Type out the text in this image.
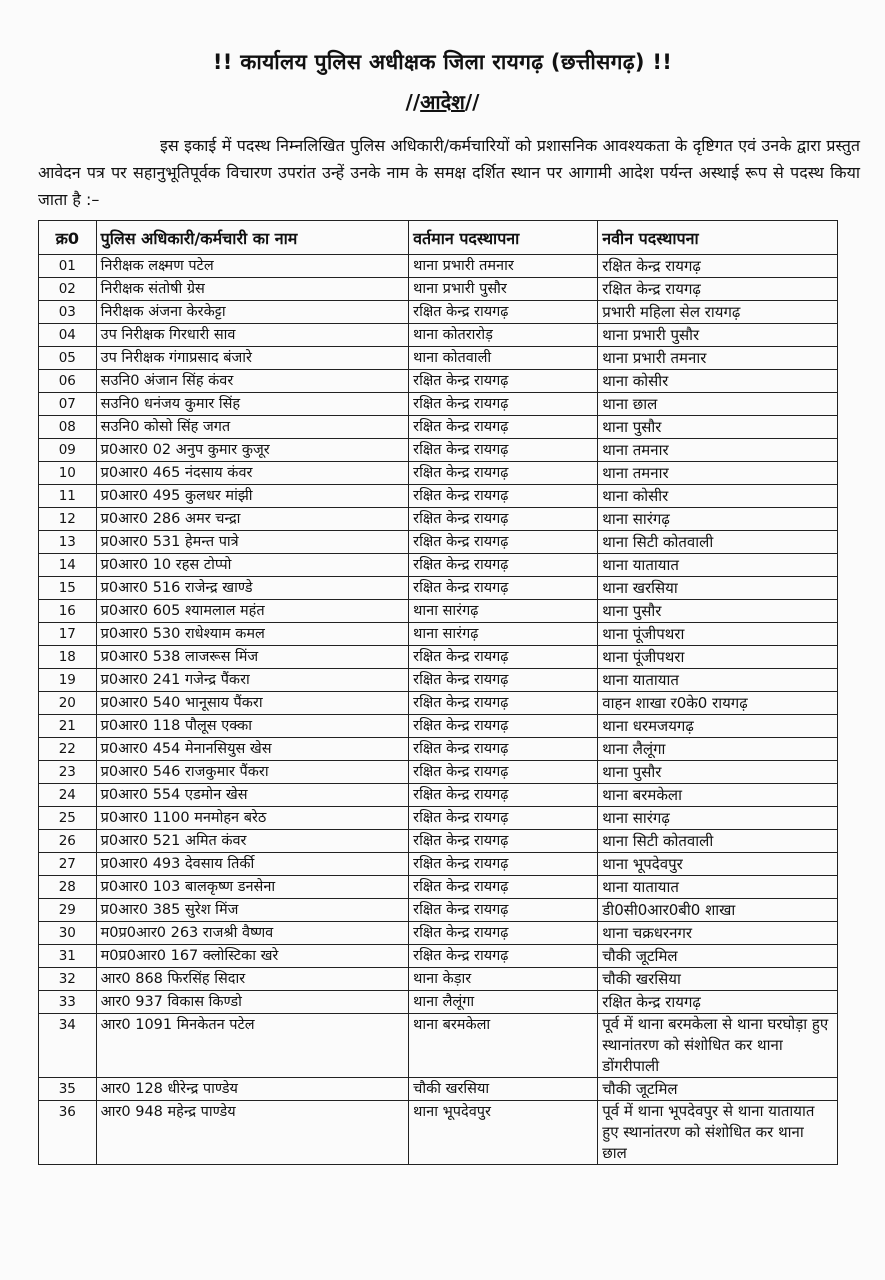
!! कार्यालय पुलिस अधीक्षक जिला रायगढ़ (छत्तीसगढ़) !!
//आदेश//
इस इकाई में पदस्थ निम्नलिखित पुलिस अधिकारी/कर्मचारियों को प्रशासनिक आवश्यकता के दृष्टिगत एवं उनके द्वारा प्रस्तुत आवेदन पत्र पर सहानुभूतिपूर्वक विचारण उपरांत उन्हें उनके नाम के समक्ष दर्शित स्थान पर आगामी आदेश पर्यन्त अस्थाई रूप से पदस्थ किया जाता है :–
क्र0	पुलिस अधिकारी/कर्मचारी का नाम	वर्तमान पदस्थापना	नवीन पदस्थापना
01	निरीक्षक लक्ष्मण पटेल	थाना प्रभारी तमनार	रक्षित केन्द्र रायगढ़
02	निरीक्षक संतोषी ग्रेस	थाना प्रभारी पुसौर	रक्षित केन्द्र रायगढ़
03	निरीक्षक अंजना केरकेट्टा	रक्षित केन्द्र रायगढ़	प्रभारी महिला सेल रायगढ़
04	उप निरीक्षक गिरधारी साव	थाना कोतरारोड़	थाना प्रभारी पुसौर
05	उप निरीक्षक गंगाप्रसाद बंजारे	थाना कोतवाली	थाना प्रभारी तमनार
06	सउनि0 अंजान सिंह कंवर	रक्षित केन्द्र रायगढ़	थाना कोसीर
07	सउनि0 धनंजय कुमार सिंह	रक्षित केन्द्र रायगढ़	थाना छाल
08	सउनि0 कोसो सिंह जगत	रक्षित केन्द्र रायगढ़	थाना पुसौर
09	प्र0आर0 02 अनुप कुमार कुजूर	रक्षित केन्द्र रायगढ़	थाना तमनार
10	प्र0आर0 465 नंदसाय कंवर	रक्षित केन्द्र रायगढ़	थाना तमनार
11	प्र0आर0 495 कुलधर मांझी	रक्षित केन्द्र रायगढ़	थाना कोसीर
12	प्र0आर0 286 अमर चन्द्रा	रक्षित केन्द्र रायगढ़	थाना सारंगढ़
13	प्र0आर0 531 हेमन्त पात्रे	रक्षित केन्द्र रायगढ़	थाना सिटी कोतवाली
14	प्र0आर0 10 रहस टोप्पो	रक्षित केन्द्र रायगढ़	थाना यातायात
15	प्र0आर0 516 राजेन्द्र खाण्डे	रक्षित केन्द्र रायगढ़	थाना खरसिया
16	प्र0आर0 605 श्यामलाल महंत	थाना सारंगढ़	थाना पुसौर
17	प्र0आर0 530 राधेश्याम कमल	थाना सारंगढ़	थाना पूंजीपथरा
18	प्र0आर0 538 लाजरूस मिंज	रक्षित केन्द्र रायगढ़	थाना पूंजीपथरा
19	प्र0आर0 241 गजेन्द्र पैंकरा	रक्षित केन्द्र रायगढ़	थाना यातायात
20	प्र0आर0 540 भानूसाय पैंकरा	रक्षित केन्द्र रायगढ़	वाहन शाखा र0के0 रायगढ़
21	प्र0आर0 118 पौलूस एक्का	रक्षित केन्द्र रायगढ़	थाना धरमजयगढ़
22	प्र0आर0 454 मेनानसियुस खेस	रक्षित केन्द्र रायगढ़	थाना लैलूंगा
23	प्र0आर0 546 राजकुमार पैंकरा	रक्षित केन्द्र रायगढ़	थाना पुसौर
24	प्र0आर0 554 एडमोन खेस	रक्षित केन्द्र रायगढ़	थाना बरमकेला
25	प्र0आर0 1100 मनमोहन बरेठ	रक्षित केन्द्र रायगढ़	थाना सारंगढ़
26	प्र0आर0 521 अमित कंवर	रक्षित केन्द्र रायगढ़	थाना सिटी कोतवाली
27	प्र0आर0 493 देवसाय तिर्की	रक्षित केन्द्र रायगढ़	थाना भूपदेवपुर
28	प्र0आर0 103 बालकृष्ण डनसेना	रक्षित केन्द्र रायगढ़	थाना यातायात
29	प्र0आर0 385 सुरेश मिंज	रक्षित केन्द्र रायगढ़	डी0सी0आर0बी0 शाखा
30	म0प्र0आर0 263 राजश्री वैष्णव	रक्षित केन्द्र रायगढ़	थाना चक्रधरनगर
31	म0प्र0आर0 167 क्लोस्टिका खरे	रक्षित केन्द्र रायगढ़	चौकी जूटमिल
32	आर0 868 फिरसिंह सिदार	थाना केड़ार	चौकी खरसिया
33	आर0 937 विकास किण्डो	थाना लैलूंगा	रक्षित केन्द्र रायगढ़
34	आर0 1091 मिनकेतन पटेल	थाना बरमकेला	पूर्व में थाना बरमकेला से थाना घरघोड़ा हुए स्थानांतरण को संशोधित कर थाना डोंगरीपाली
35	आर0 128 धीरेन्द्र पाण्डेय	चौकी खरसिया	चौकी जूटमिल
36	आर0 948 महेन्द्र पाण्डेय	थाना भूपदेवपुर	पूर्व में थाना भूपदेवपुर से थाना यातायात हुए स्थानांतरण को संशोधित कर थाना छाल
